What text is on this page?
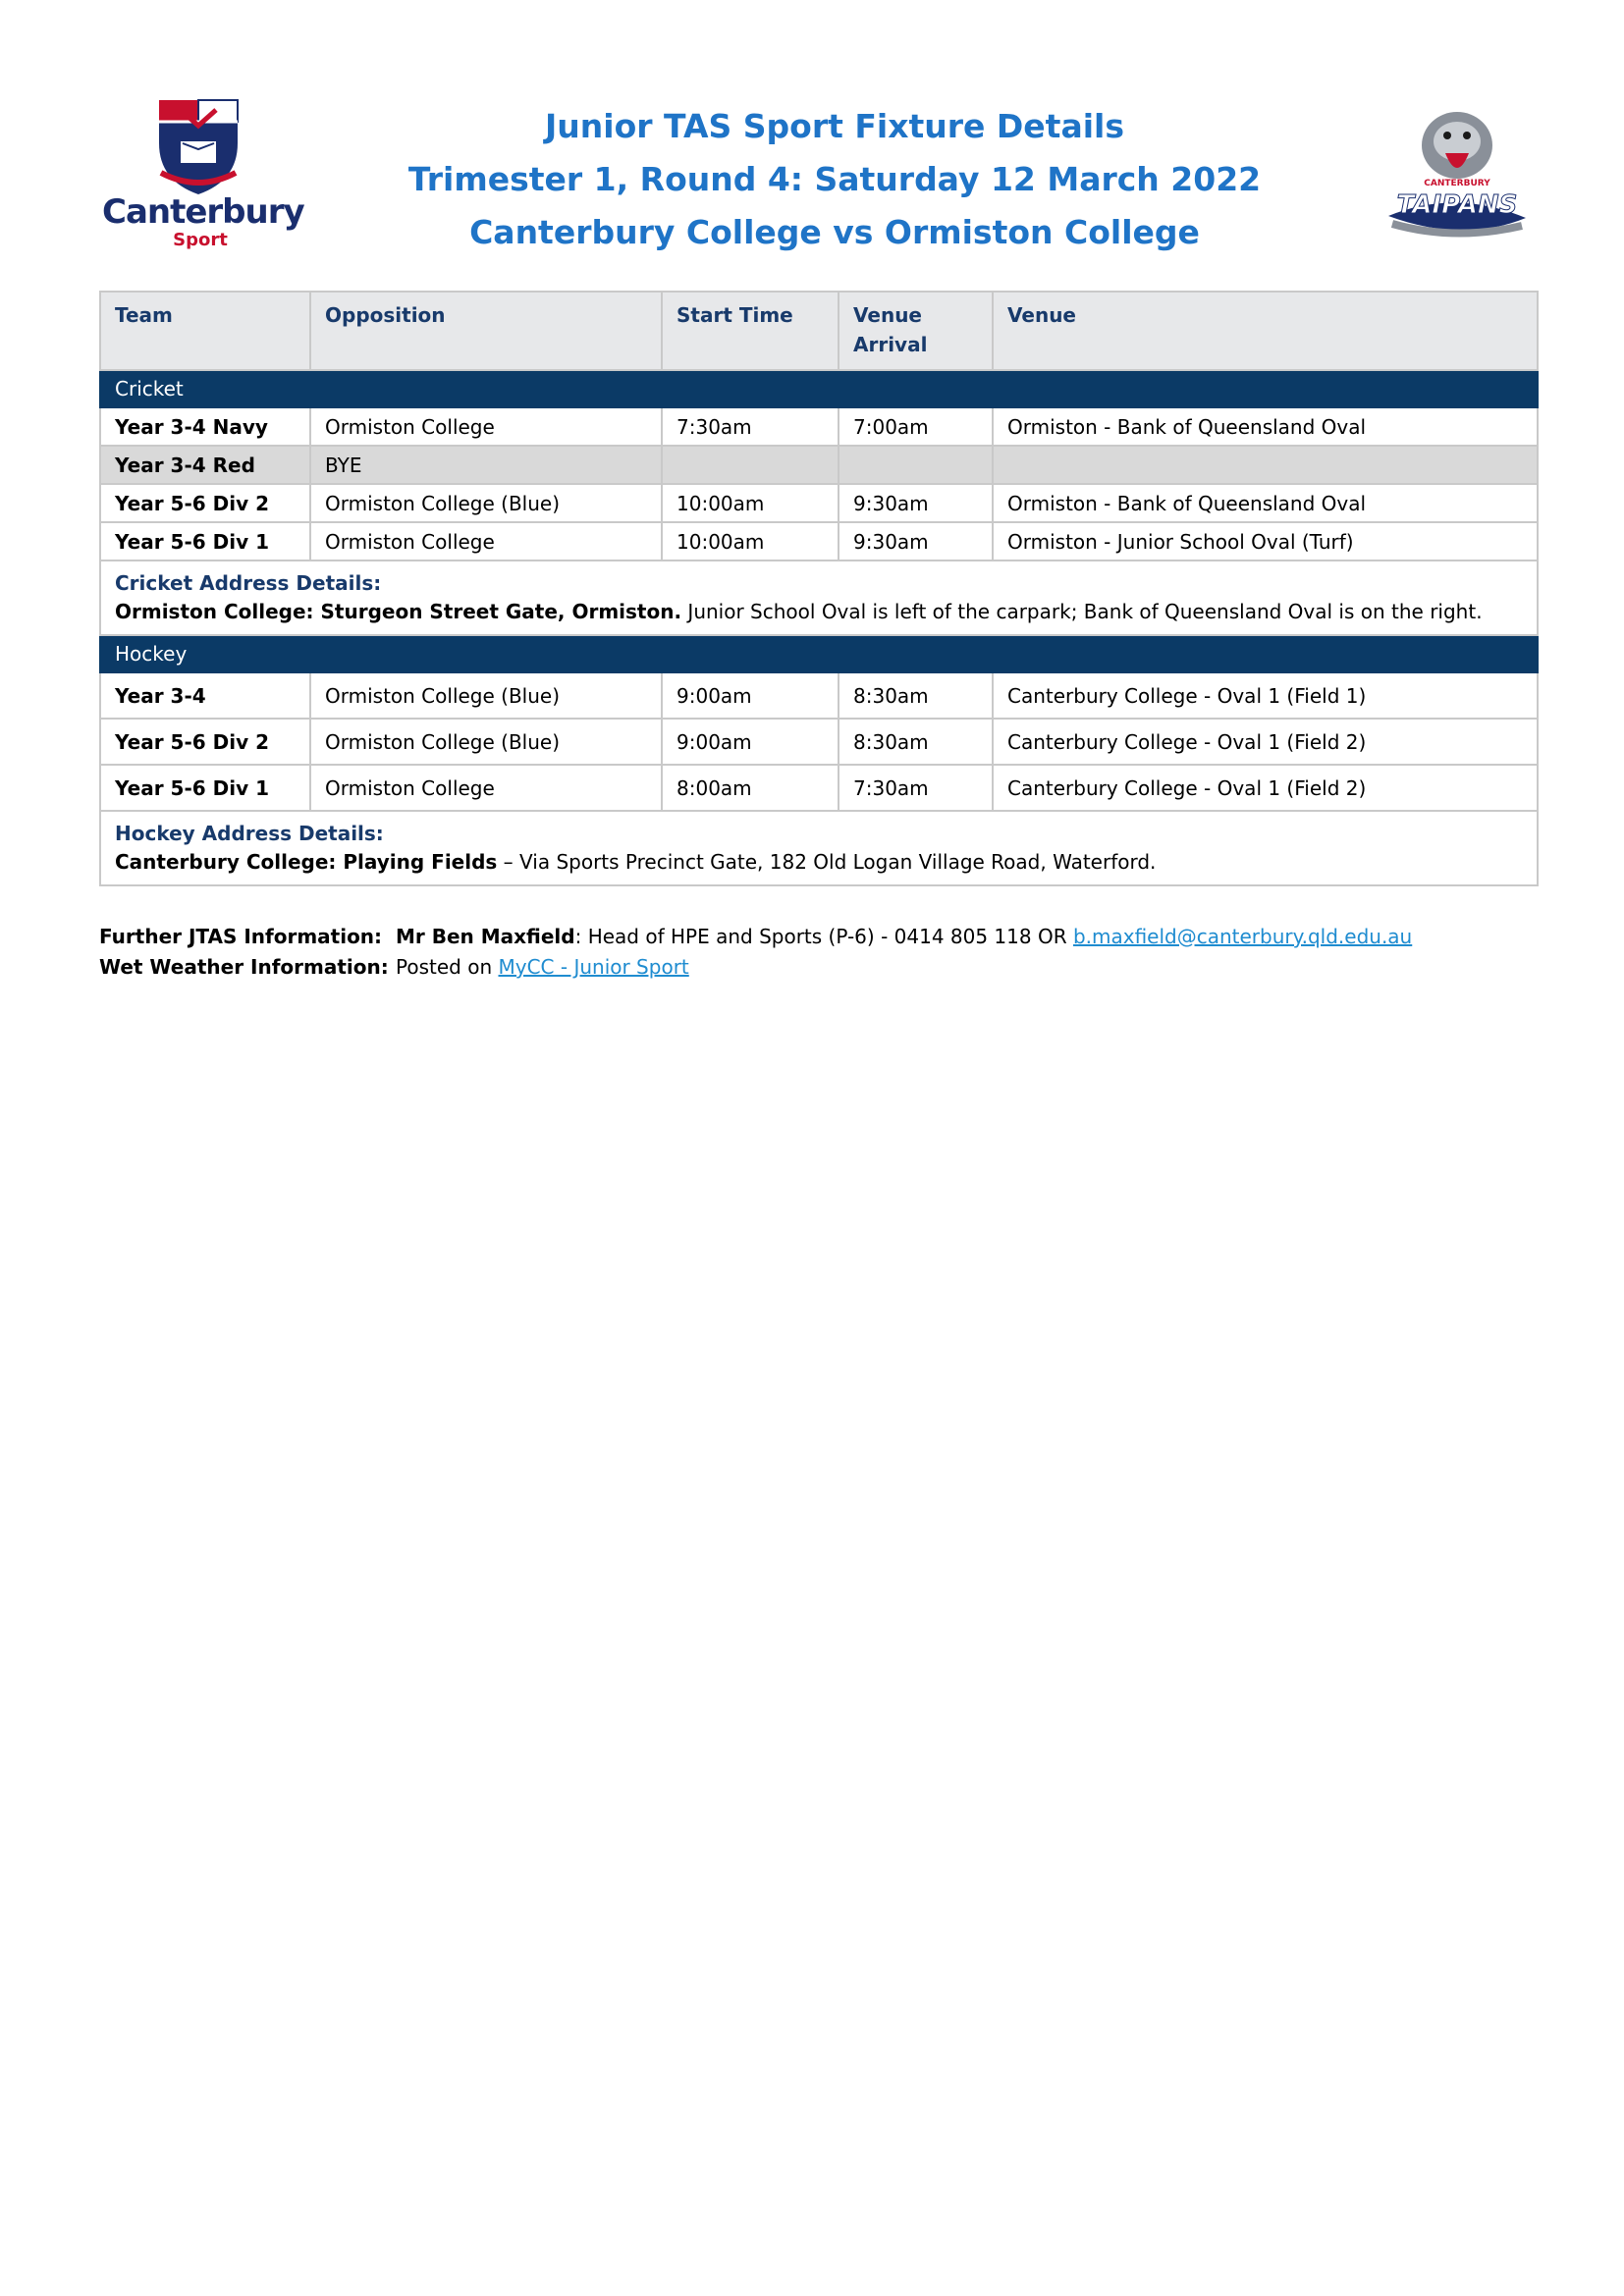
Canterbury
Sport
Junior TAS Sport Fixture Details
Trimester 1, Round 4: Saturday 12 March 2022
Canterbury College vs Ormiston College
CANTERBURY
TAIPANS
Team	Opposition	Start Time	Venue Arrival	Venue
Cricket				
Year 3-4 Navy	Ormiston College	7:30am	7:00am	Ormiston - Bank of Queensland Oval
Year 3-4 Red	BYE			
Year 5-6 Div 2	Ormiston College (Blue)	10:00am	9:30am	Ormiston - Bank of Queensland Oval
Year 5-6 Div 1	Ormiston College	10:00am	9:30am	Ormiston - Junior School Oval (Turf)

Cricket Address Details:
Ormiston College: Sturgeon Street Gate, Ormiston. Junior School Oval is left of the carpark; Bank of Queensland Oval is on the right.				
Hockey				
Year 3-4	Ormiston College (Blue)	9:00am	8:30am	Canterbury College - Oval 1 (Field 1)
Year 5-6 Div 2	Ormiston College (Blue)	9:00am	8:30am	Canterbury College - Oval 1 (Field 2)
Year 5-6 Div 1	Ormiston College	8:00am	7:30am	Canterbury College - Oval 1 (Field 2)

Hockey Address Details:
Canterbury College: Playing Fields – Via Sports Precinct Gate, 182 Old Logan Village Road, Waterford.				
Further JTAS Information: Mr Ben Maxfield: Head of HPE and Sports (P-6) - 0414 805 118 OR b.maxfield@canterbury.qld.edu.au
Wet Weather Information: Posted on MyCC - Junior Sport
